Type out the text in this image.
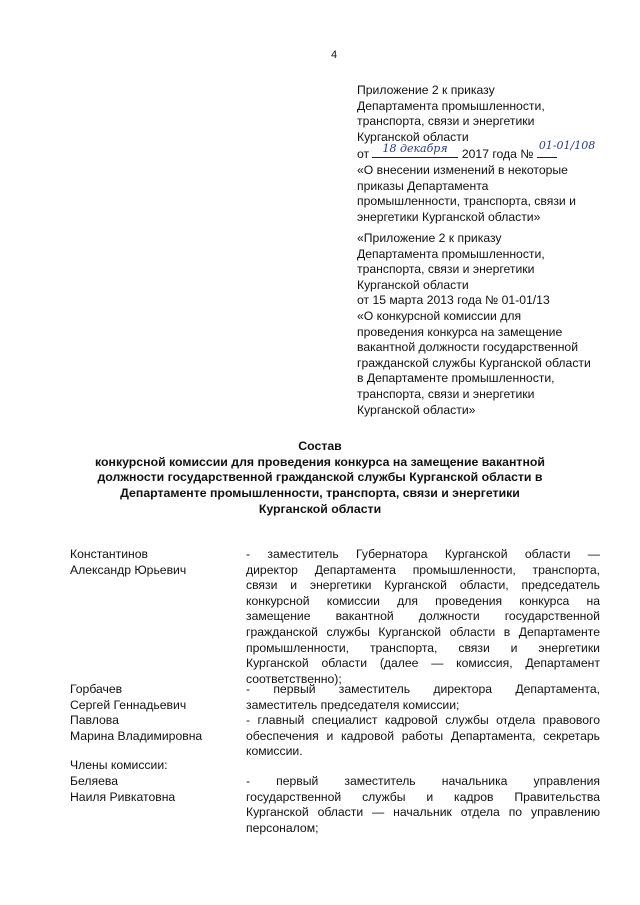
4
Приложение 2 к приказу
Департамента промышленности,
транспорта, связи и энергетики
Курганской области
от 18 декабря 2017 года №
01-01/108
«О внесении изменений в некоторые
приказы Департамента
промышленности, транспорта, связи и
энергетики Курганской области»
«Приложение 2 к приказу
Департамента промышленности,
транспорта, связи и энергетики
Курганской области
от 15 марта 2013 года № 01-01/13
«О конкурсной комиссии для
проведения конкурса на замещение
вакантной должности государственной
гражданской службы Курганской области
в Департаменте промышленности,
транспорта, связи и энергетики
Курганской области»
Состав
конкурсной комиссии для проведения конкурса на замещение вакантной
должности государственной гражданской службы Курганской области в
Департаменте промышленности, транспорта, связи и энергетики
Курганской области
Константинов
Александр Юрьевич
- заместитель Губернатора Курганской области —
директор Департамента промышленности, транспорта,
связи и энергетики Курганской области, председатель
конкурсной комиссии для проведения конкурса на
замещение вакантной должности государственной
гражданской службы Курганской области в Департаменте
промышленности, транспорта, связи и энергетики
Курганской области (далее — комиссия, Департамент
соответственно);
Горбачев
Сергей Геннадьевич
- первый заместитель директора Департамента,
заместитель председателя комиссии;
Павлова
Марина Владимировна
- главный специалист кадровой службы отдела правового
обеспечения и кадровой работы Департамента, секретарь
комиссии.
Члены комиссии:
Беляева
Наиля Ривкатовна
- первый заместитель начальника управления
государственной службы и кадров Правительства
Курганской области — начальник отдела по управлению
персоналом;
